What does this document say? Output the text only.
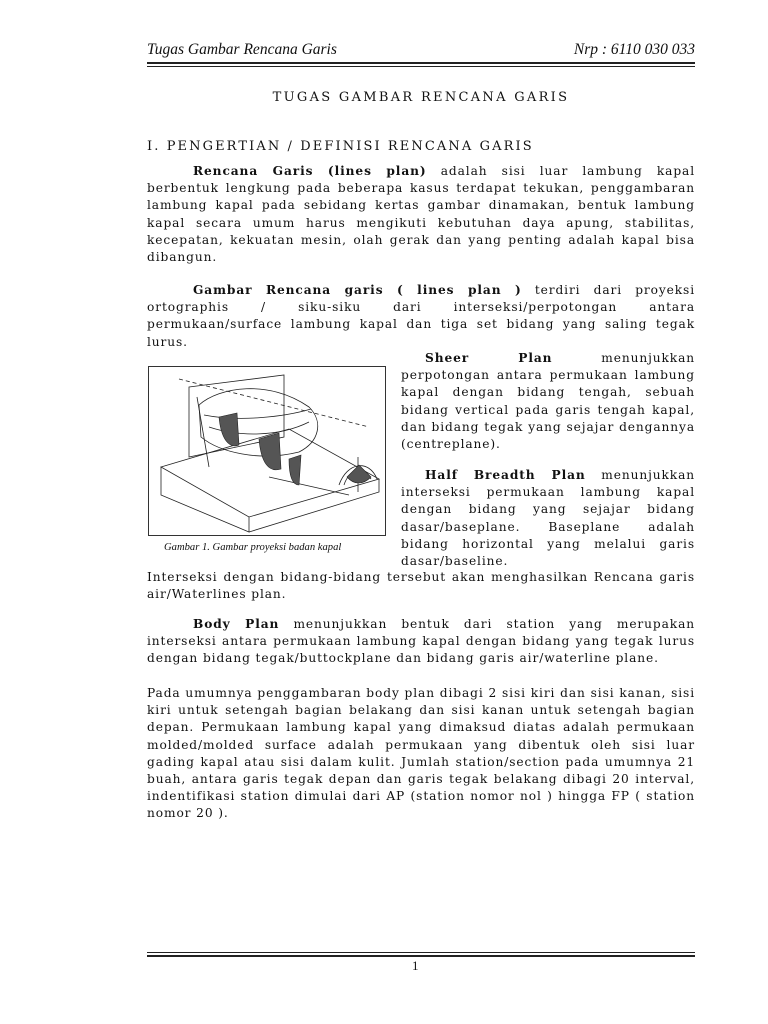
Tugas Gambar Rencana Garis	Nrp : 6110 030 033
TUGAS GAMBAR RENCANA GARIS
I. PENGERTIAN / DEFINISI RENCANA GARIS

Rencana Garis (lines plan) adalah sisi luar lambung kapal berbentuk lengkung pada beberapa kasus terdapat tekukan, penggambaran lambung kapal pada sebidang kertas gambar dinamakan, bentuk lambung kapal secara umum harus mengikuti kebutuhan daya apung, stabilitas, kecepatan, kekuatan mesin, olah gerak dan yang penting adalah kapal bisa dibangun.

Gambar Rencana garis ( lines plan ) terdiri dari proyeksi ortographis / siku-siku dari interseksi/perpotongan antara permukaan/surface lambung kapal dan tiga set bidang yang saling tegak lurus.

Gambar 1. Gambar proyeksi badan kapal

Sheer Plan menunjukkan perpotongan antara permukaan lambung kapal dengan bidang tengah, sebuah bidang vertical pada garis tengah kapal, dan bidang tegak yang sejajar dengannya (centreplane).

Half Breadth Plan menunjukkan interseksi permukaan lambung kapal dengan bidang yang sejajar bidang dasar/baseplane. Baseplane adalah bidang horizontal yang melalui garis dasar/baseline.

Interseksi dengan bidang-bidang tersebut akan menghasilkan Rencana garis air/Waterlines plan.

Body Plan menunjukkan bentuk dari station yang merupakan interseksi antara permukaan lambung kapal dengan bidang yang tegak lurus dengan bidang tegak/buttockplane dan bidang garis air/waterline plane.

Pada umumnya penggambaran body plan dibagi 2 sisi kiri dan sisi kanan, sisi kiri untuk setengah bagian belakang dan sisi kanan untuk setengah bagian depan. Permukaan lambung kapal yang dimaksud diatas adalah permukaan molded/molded surface adalah permukaan yang dibentuk oleh sisi luar gading kapal atau sisi dalam kulit. Jumlah station/section pada umumnya 21 buah, antara garis tegak depan dan garis tegak belakang dibagi 20 interval, indentifikasi station dimulai dari AP (station nomor nol ) hingga FP ( station nomor 20 ).

1
